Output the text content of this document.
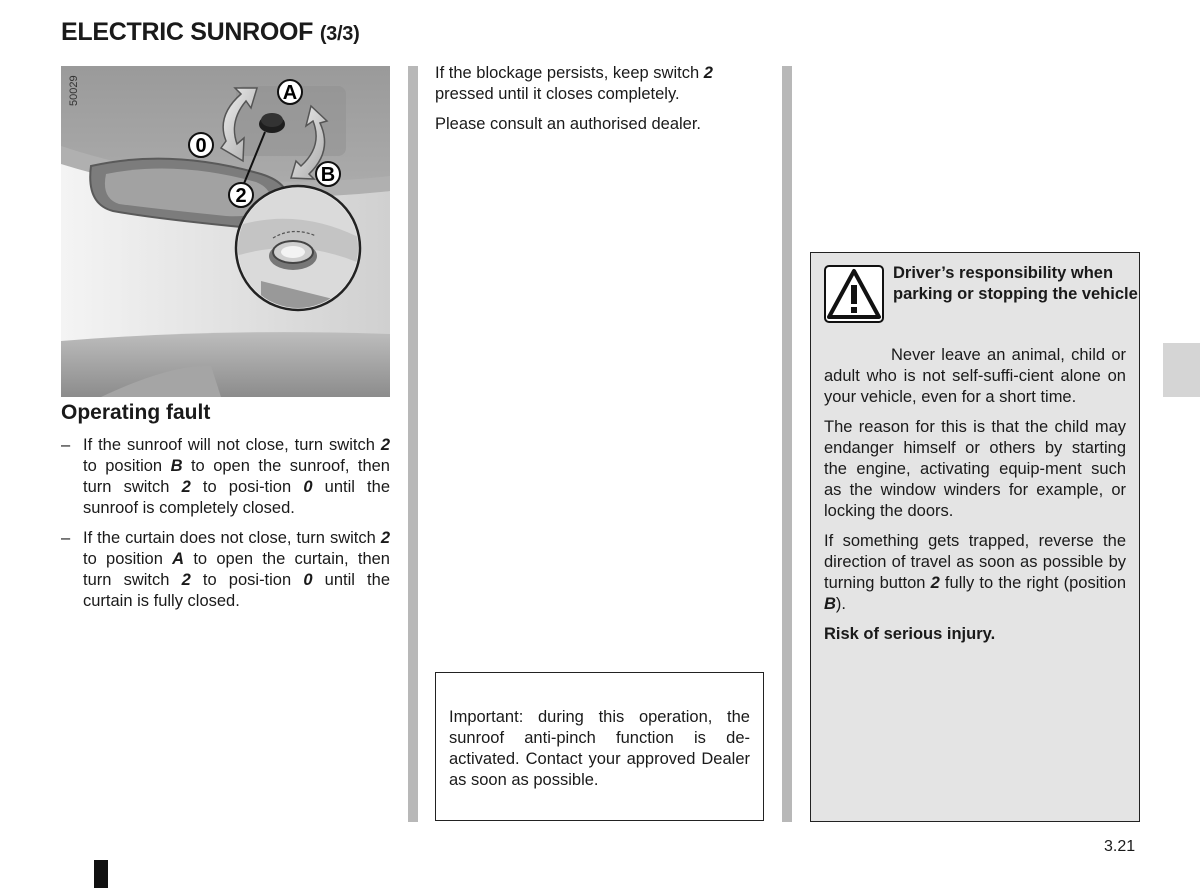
ELECTRIC SUNROOF (3/3)
50029	A
0
B
2
Operating fault
– If the sunroof will not close, turn switch 2 to position B to open the sunroof, then turn switch 2 to posi-tion 0 until the sunroof is completely closed.
– If the curtain does not close, turn switch 2 to position A to open the curtain, then turn switch 2 to posi-tion 0 until the curtain is fully closed.

If the blockage persists, keep switch 2 pressed until it closes completely.

Please consult an authorised dealer.

Important: during this operation, the sunroof anti-pinch function is de-activated. Contact your approved Dealer as soon as possible.
Driver’s responsibility when parking or stopping the vehicle

Never leave an animal, child or adult who is not self-suffi-cient alone on your vehicle, even for a short time.

The reason for this is that the child may endanger himself or others by starting the engine, activating equip-ment such as the window winders for example, or locking the doors.

If something gets trapped, reverse the direction of travel as soon as possible by turning button 2 fully to the right (position B).

Risk of serious injury.

3.21
